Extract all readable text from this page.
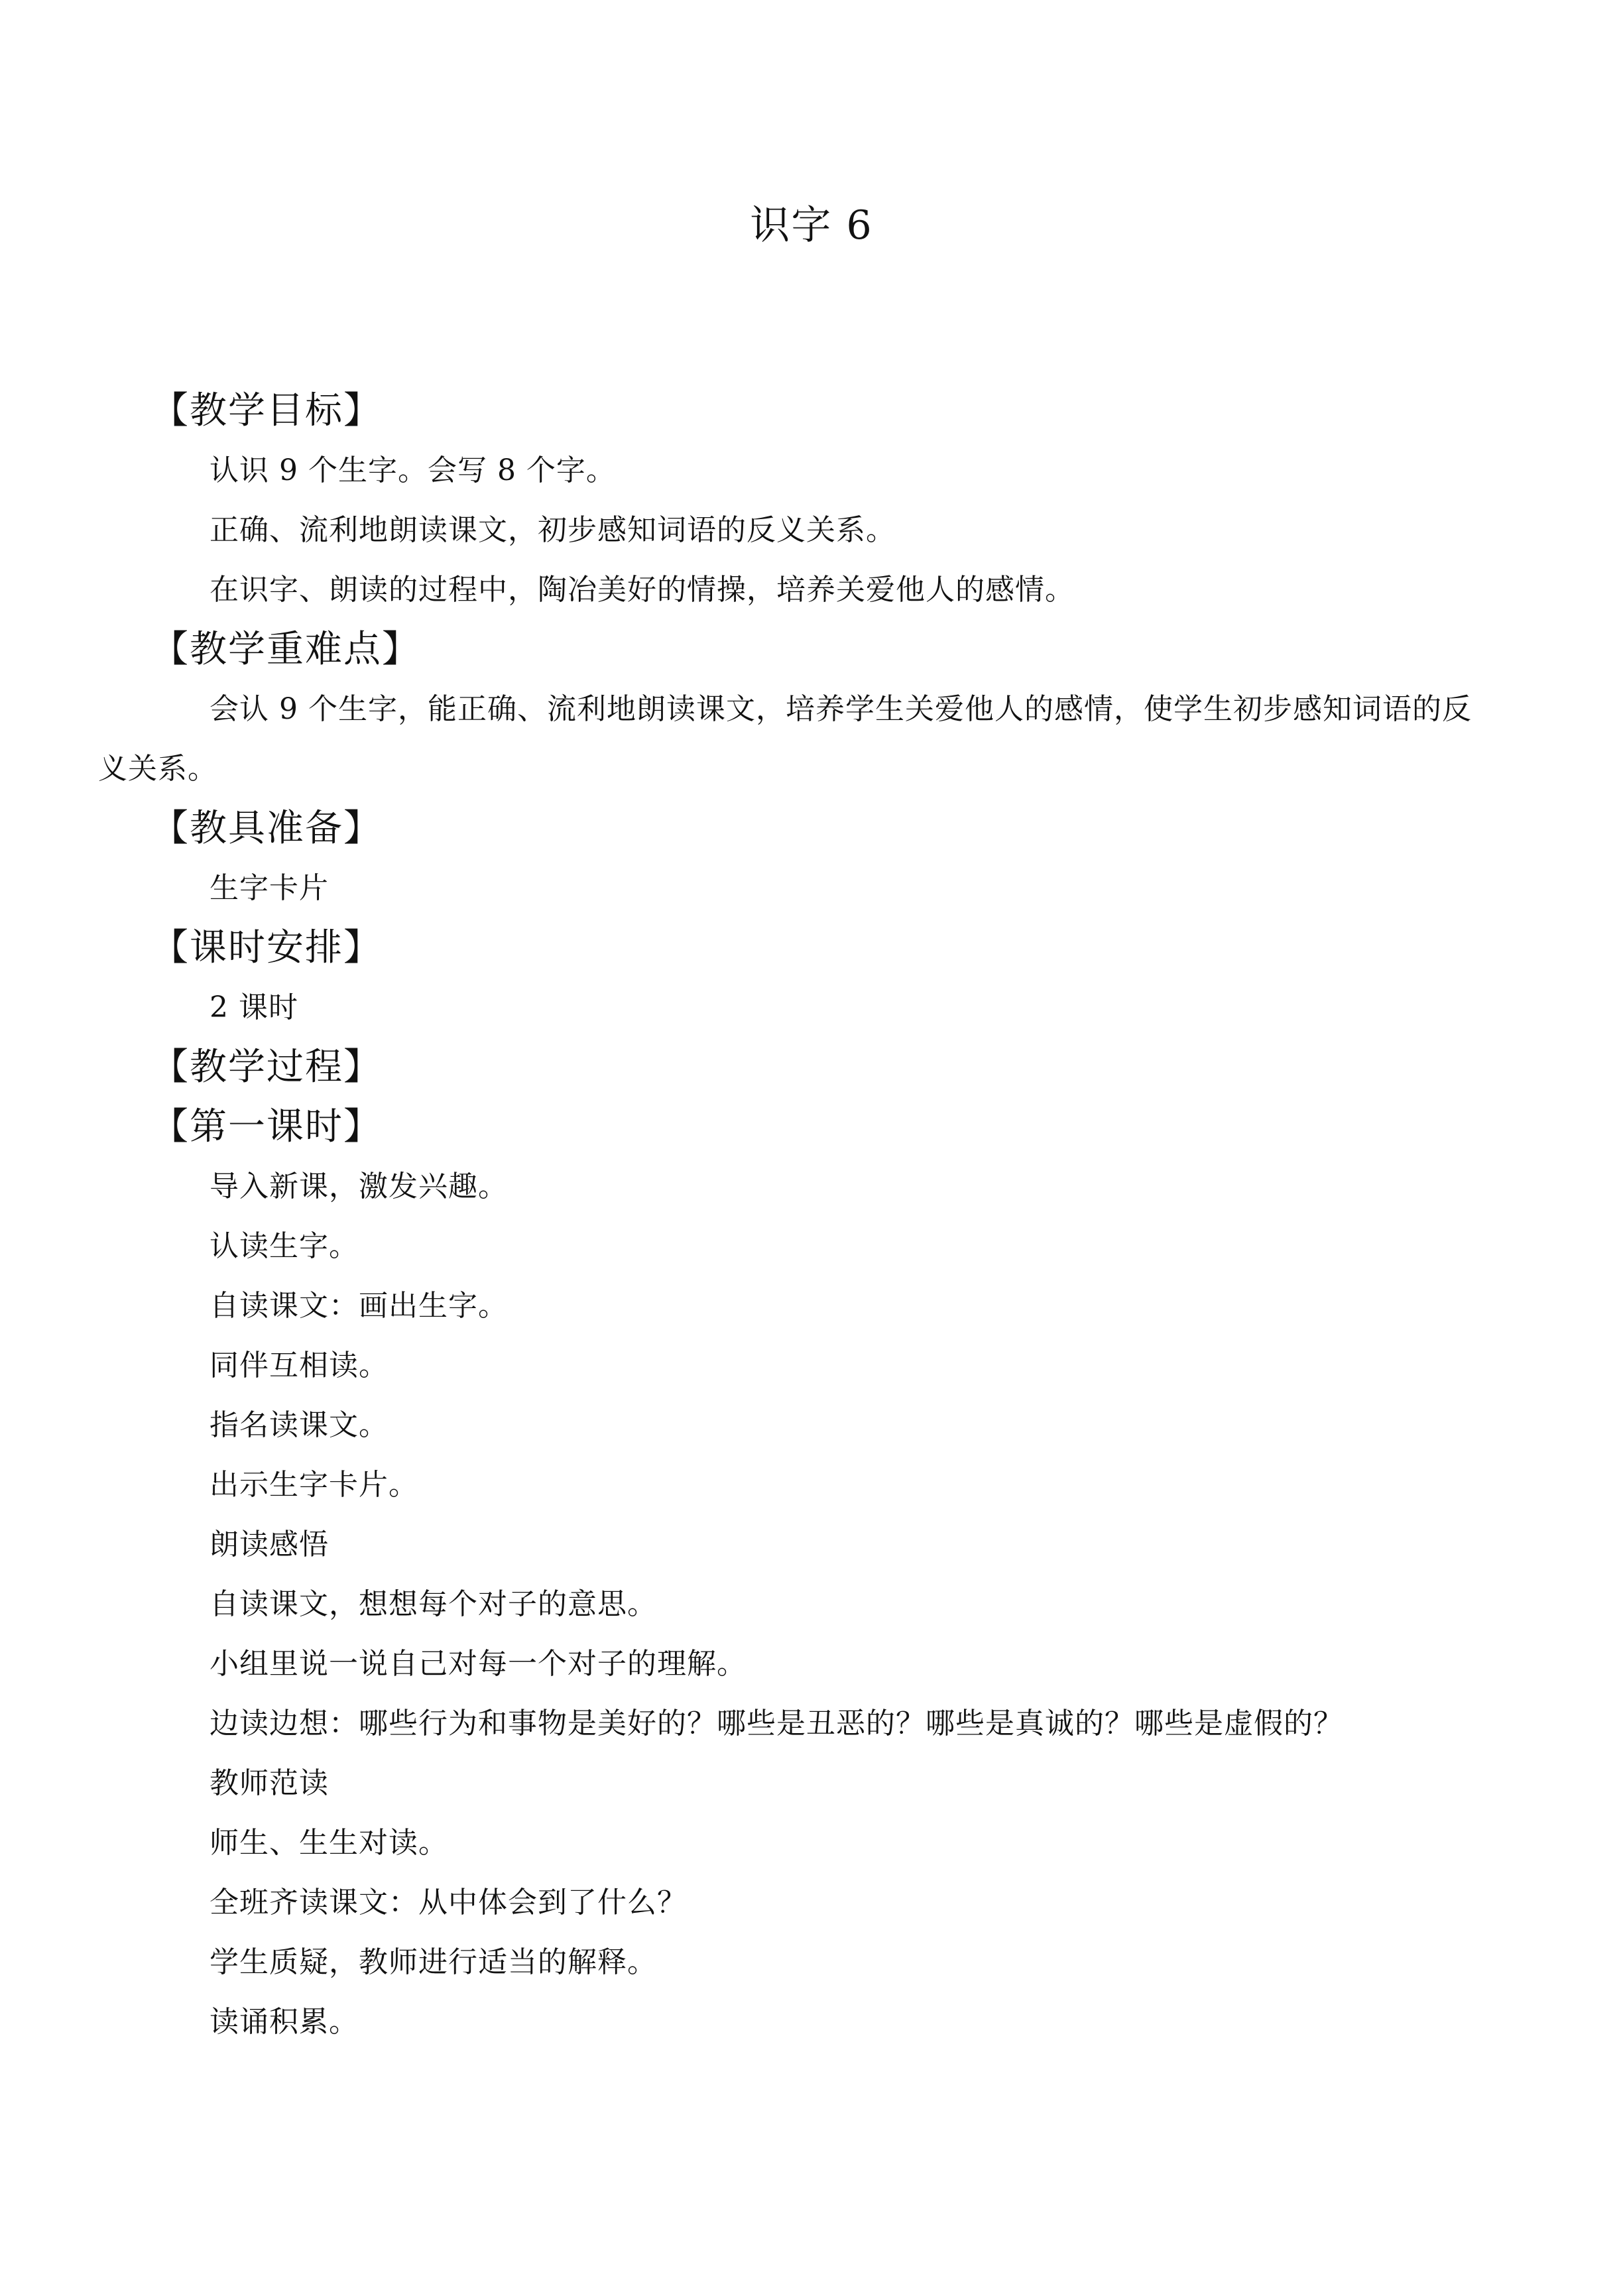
识字 6
【教学目标】
认识 9 个生字。会写 8 个字。
正确、流利地朗读课文，初步感知词语的反义关系。
在识字、朗读的过程中，陶冶美好的情操，培养关爱他人的感情。
【教学重难点】
会认 9 个生字，能正确、流利地朗读课文，培养学生关爱他人的感情，使学生初步感知词语的反义关系。
【教具准备】
生字卡片
【课时安排】
2 课时
【教学过程】
【第一课时】
导入新课，激发兴趣。
认读生字。
自读课文：画出生字。
同伴互相读。
指名读课文。
出示生字卡片。
朗读感悟
自读课文，想想每个对子的意思。
小组里说一说自己对每一个对子的理解。
边读边想：哪些行为和事物是美好的？哪些是丑恶的？哪些是真诚的？哪些是虚假的？
教师范读
师生、生生对读。
全班齐读课文：从中体会到了什么？
学生质疑，教师进行适当的解释。
读诵积累。
